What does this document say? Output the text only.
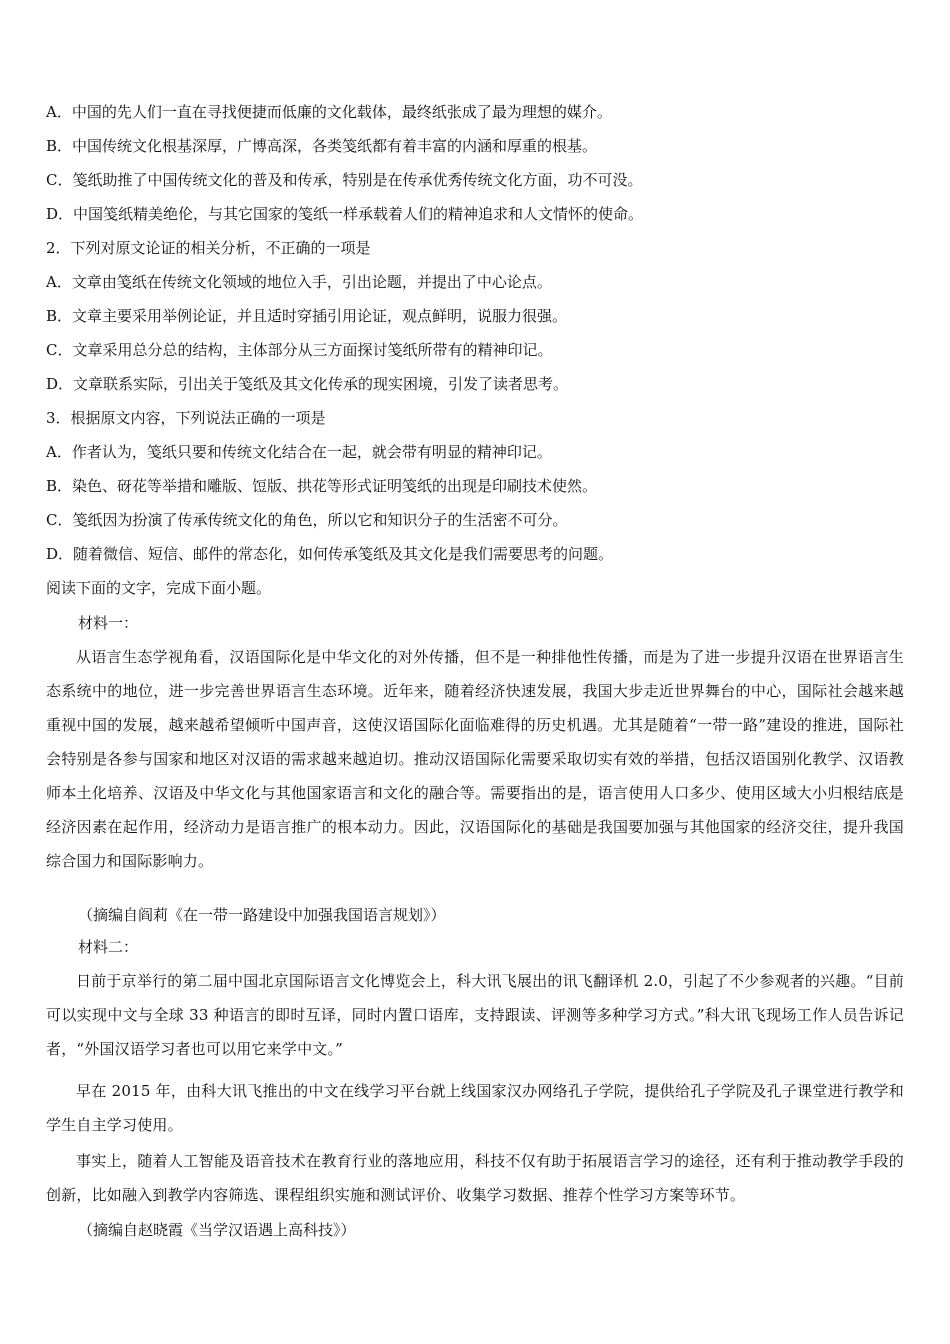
A．中国的先人们一直在寻找便捷而低廉的文化载体，最终纸张成了最为理想的媒介。
B．中国传统文化根基深厚，广博高深，各类笺纸都有着丰富的内涵和厚重的根基。
C．笺纸助推了中国传统文化的普及和传承，特别是在传承优秀传统文化方面，功不可没。
D．中国笺纸精美绝伦，与其它国家的笺纸一样承载着人们的精神追求和人文情怀的使命。
2．下列对原文论证的相关分析，不正确的一项是
A．文章由笺纸在传统文化领域的地位入手，引出论题，并提出了中心论点。
B．文章主要采用举例论证，并且适时穿插引用论证，观点鲜明，说服力很强。
C．文章采用总分总的结构，主体部分从三方面探讨笺纸所带有的精神印记。
D．文章联系实际，引出关于笺纸及其文化传承的现实困境，引发了读者思考。
3．根据原文内容，下列说法正确的一项是
A．作者认为，笺纸只要和传统文化结合在一起，就会带有明显的精神印记。
B．染色、砑花等举措和雕版、饾版、拱花等形式证明笺纸的出现是印刷技术使然。
C．笺纸因为扮演了传承传统文化的角色，所以它和知识分子的生活密不可分。
D．随着微信、短信、邮件的常态化，如何传承笺纸及其文化是我们需要思考的问题。
阅读下面的文字，完成下面小题。
材料一：
从语言生态学视角看，汉语国际化是中华文化的对外传播，但不是一种排他性传播，而是为了进一步提升汉语在世界语言生态系统中的地位，进一步完善世界语言生态环境。近年来，随着经济快速发展，我国大步走近世界舞台的中心，国际社会越来越重视中国的发展，越来越希望倾听中国声音，这使汉语国际化面临难得的历史机遇。尤其是随着“一带一路”建设的推进，国际社会特别是各参与国家和地区对汉语的需求越来越迫切。推动汉语国际化需要采取切实有效的举措，包括汉语国别化教学、汉语教师本土化培养、汉语及中华文化与其他国家语言和文化的融合等。需要指出的是，语言使用人口多少、使用区域大小归根结底是经济因素在起作用，经济动力是语言推广的根本动力。因此，汉语国际化的基础是我国要加强与其他国家的经济交往，提升我国综合国力和国际影响力。
（摘编自阎莉《在一带一路建设中加强我国语言规划》）
材料二：
日前于京举行的第二届中国北京国际语言文化博览会上，科大讯飞展出的讯飞翻译机 2.0，引起了不少参观者的兴趣。“目前可以实现中文与全球 33 种语言的即时互译，同时内置口语库，支持跟读、评测等多种学习方式。”科大讯飞现场工作人员告诉记者，“外国汉语学习者也可以用它来学中文。”
早在 2015 年，由科大讯飞推出的中文在线学习平台就上线国家汉办网络孔子学院，提供给孔子学院及孔子课堂进行教学和学生自主学习使用。
事实上，随着人工智能及语音技术在教育行业的落地应用，科技不仅有助于拓展语言学习的途径，还有利于推动教学手段的创新，比如融入到教学内容筛选、课程组织实施和测试评价、收集学习数据、推荐个性学习方案等环节。
（摘编自赵晓霞《当学汉语遇上高科技》）
